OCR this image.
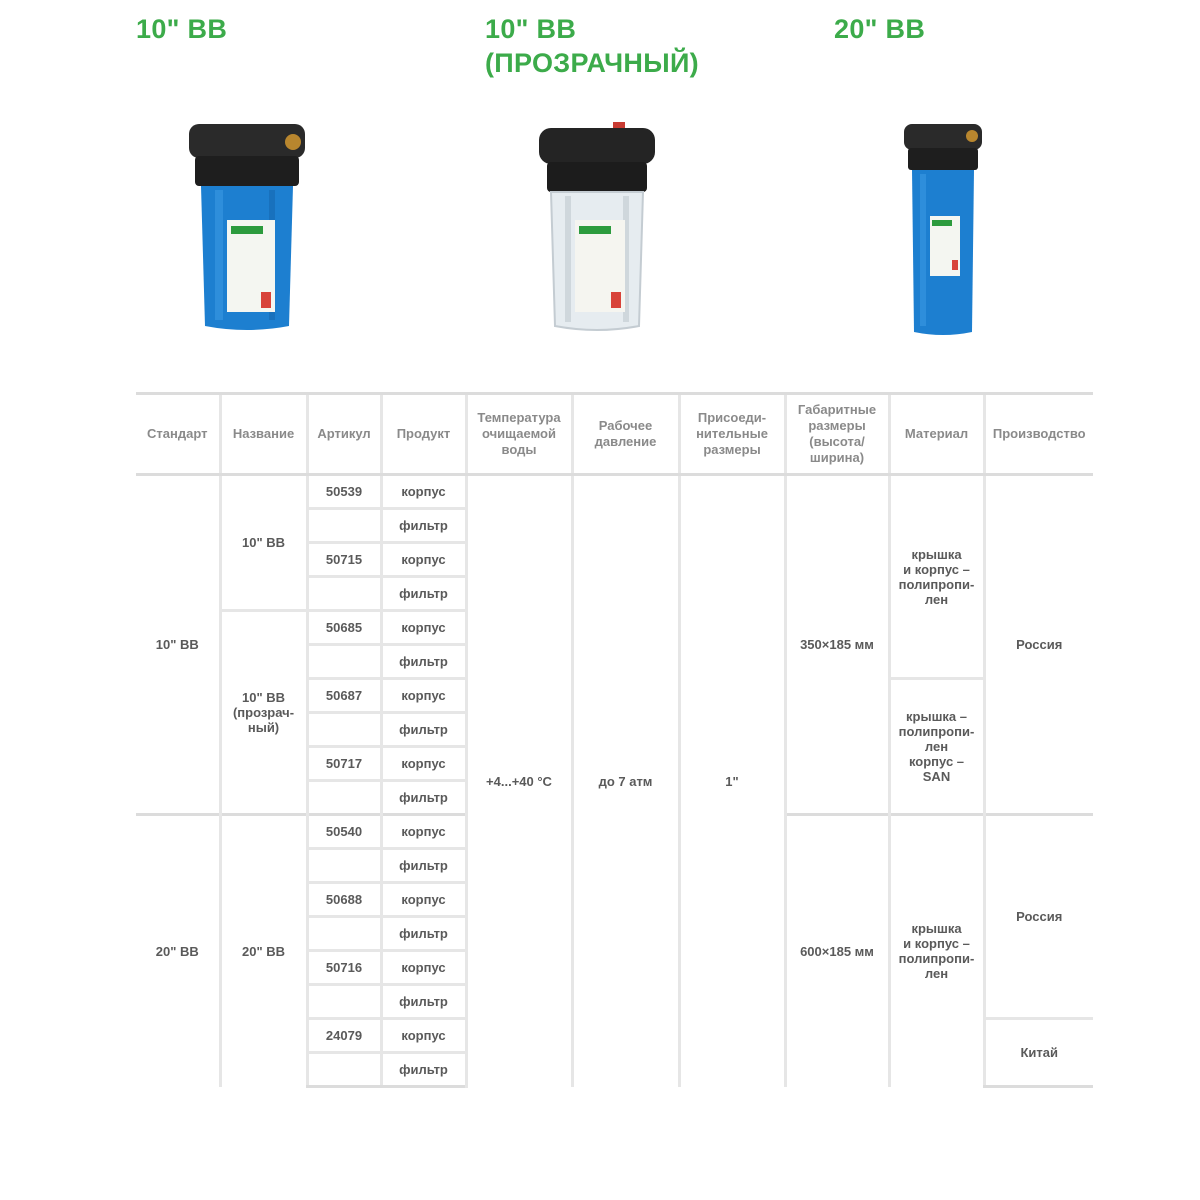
10" BB	10" BB
(ПРОЗРАЧНЫЙ)
20" BB
Стандарт	Название	Артикул	Продукт	Температура
очищаемой
воды	Рабочее
давление	Присоеди-
нительные
размеры	Габаритные
размеры
(высота/
ширина)	Материал	Производство
10" BB	10" BB	50539	корпус	+4...+40 °С	до 7 атм	1"	350×185 мм	крышка
и корпус –
полипропи-
лен	Россия
			фильтр						
		50715	корпус						
			фильтр						
	10" BB
(прозрач-
ный)	50685	корпус						
			фильтр						
		50687	корпус					крышка –
полипропи-
лен
корпус –
SAN	
			фильтр						
		50717	корпус						
			фильтр						
20" BB	20" BB	50540	корпус				600×185 мм	крышка
и корпус –
полипропи-
лен	Россия
			фильтр						
		50688	корпус						
			фильтр						
		50716	корпус						
			фильтр						
		24079	корпус						Китай
			фильтр						
